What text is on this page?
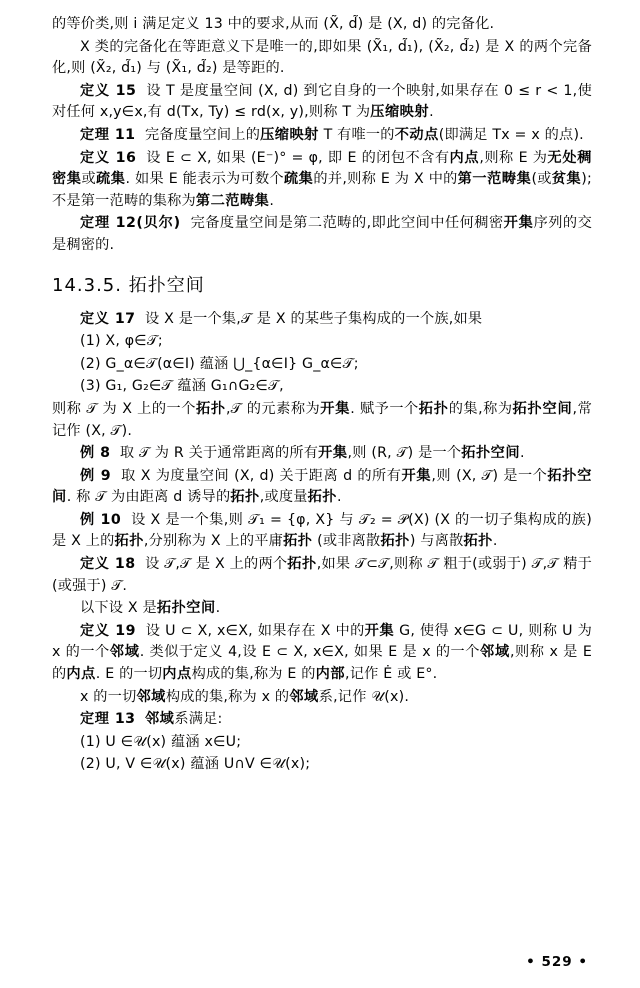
的等价类,则 i 满足定义 13 中的要求,从而 (X̃, d̃) 是 (X, d) 的完备化.

X 类的完备化在等距意义下是唯一的,即如果 (X̃₁, d̃₁), (X̃₂, d̃₂) 是 X 的两个完备化,则 (X̃₂, d̃₁) 与 (X̃₁, d̃₂) 是等距的.

定义 15  设 T 是度量空间 (X, d) 到它自身的一个映射,如果存在 0 ≤ r < 1,使对任何 x,y∈x,有 d(Tx, Ty) ≤ rd(x, y),则称 T 为压缩映射.

定理 11  完备度量空间上的压缩映射 T 有唯一的不动点(即满足 Tx = x 的点).

定义 16  设 E ⊂ X, 如果 (E⁻)° = φ, 即 E 的闭包不含有内点,则称 E 为无处稠密集或疏集. 如果 E 能表示为可数个疏集的并,则称 E 为 X 中的第一范畴集(或贫集);不是第一范畴的集称为第二范畴集.

定理 12(贝尔)  完备度量空间是第二范畴的,即此空间中任何稠密开集序列的交是稠密的.

14.3.5. 拓扑空间

定义 17  设 X 是一个集,𝒯 是 X 的某些子集构成的一个族,如果

(1) X, φ∈𝒯;

(2) G_α∈𝒯(α∈I) 蕴涵 ⋃_{α∈I} G_α∈𝒯;

(3) G₁, G₂∈𝒯 蕴涵 G₁∩G₂∈𝒯,

则称 𝒯 为 X 上的一个拓扑,𝒯 的元素称为开集. 赋予一个拓扑的集,称为拓扑空间,常记作 (X, 𝒯).

例 8  取 𝒯 为 R 关于通常距离的所有开集,则 (R, 𝒯) 是一个拓扑空间.

例 9  取 X 为度量空间 (X, d) 关于距离 d 的所有开集,则 (X, 𝒯) 是一个拓扑空间. 称 𝒯 为由距离 d 诱导的拓扑,或度量拓扑.

例 10  设 X 是一个集,则 𝒯₁ = {φ, X} 与 𝒯₂ = 𝒫(X) (X 的一切子集构成的族) 是 X 上的拓扑,分别称为 X 上的平庸拓扑 (或非离散拓扑) 与离散拓扑.

定义 18  设 𝒯,𝒯 是 X 上的两个拓扑,如果 𝒯⊂𝒯,则称 𝒯 粗于(或弱于) 𝒯,𝒯 精于(或强于) 𝒯.

以下设 X 是拓扑空间.

定义 19  设 U ⊂ X, x∈X, 如果存在 X 中的开集 G, 使得 x∈G ⊂ U, 则称 U 为 x 的一个邻域. 类似于定义 4,设 E ⊂ X, x∈X, 如果 E 是 x 的一个邻域,则称 x 是 E 的内点. E 的一切内点构成的集,称为 E 的内部,记作 Ė 或 E°.

x 的一切邻域构成的集,称为 x 的邻域系,记作 𝒰(x).

定理 13 邻域系满足:

(1) U ∈𝒰(x) 蕴涵 x∈U;

(2) U, V ∈𝒰(x) 蕴涵 U∩V ∈𝒰(x);

• 529 •
